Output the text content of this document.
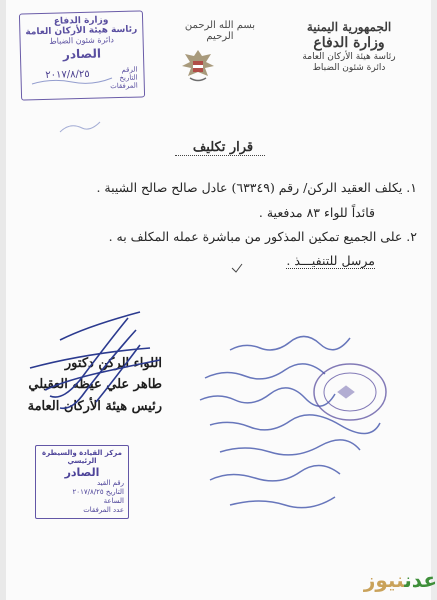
وزارة الدفاع
رئاسة هيئة الأركان العامة
دائرة شئون الضباط
الصادر
٢٠١٧/٨/٢٥	الرقم
التاريخ
المرفقات
بسم الله الرحمن الرحيم
الجمهورية اليمنية
وزارة الدفاع
رئاسة هيئة الأركان العامة
دائرة شئون الضباط
قرار تكليف
١. يكلف العقيد الركن/ رقم (٦٣٣٤٩) عادل صالح صالح الشيبة .
قائداً للواء ٨٣ مدفعية .
٢. على الجميع تمكين المذكور من مباشرة عمله المكلف به .
مرسل للتنفيـــذ .
اللواء الركن دكتور
طاهر علي عيظه العقيلي
رئيس هيئة الأركان العامة
مركز القيادة والسيطرة الرئيسي
الصادر
رقم القيد
التاريخ ٢٠١٧/٨/٢٥
الساعة
عدد المرفقات
عدننيوز
